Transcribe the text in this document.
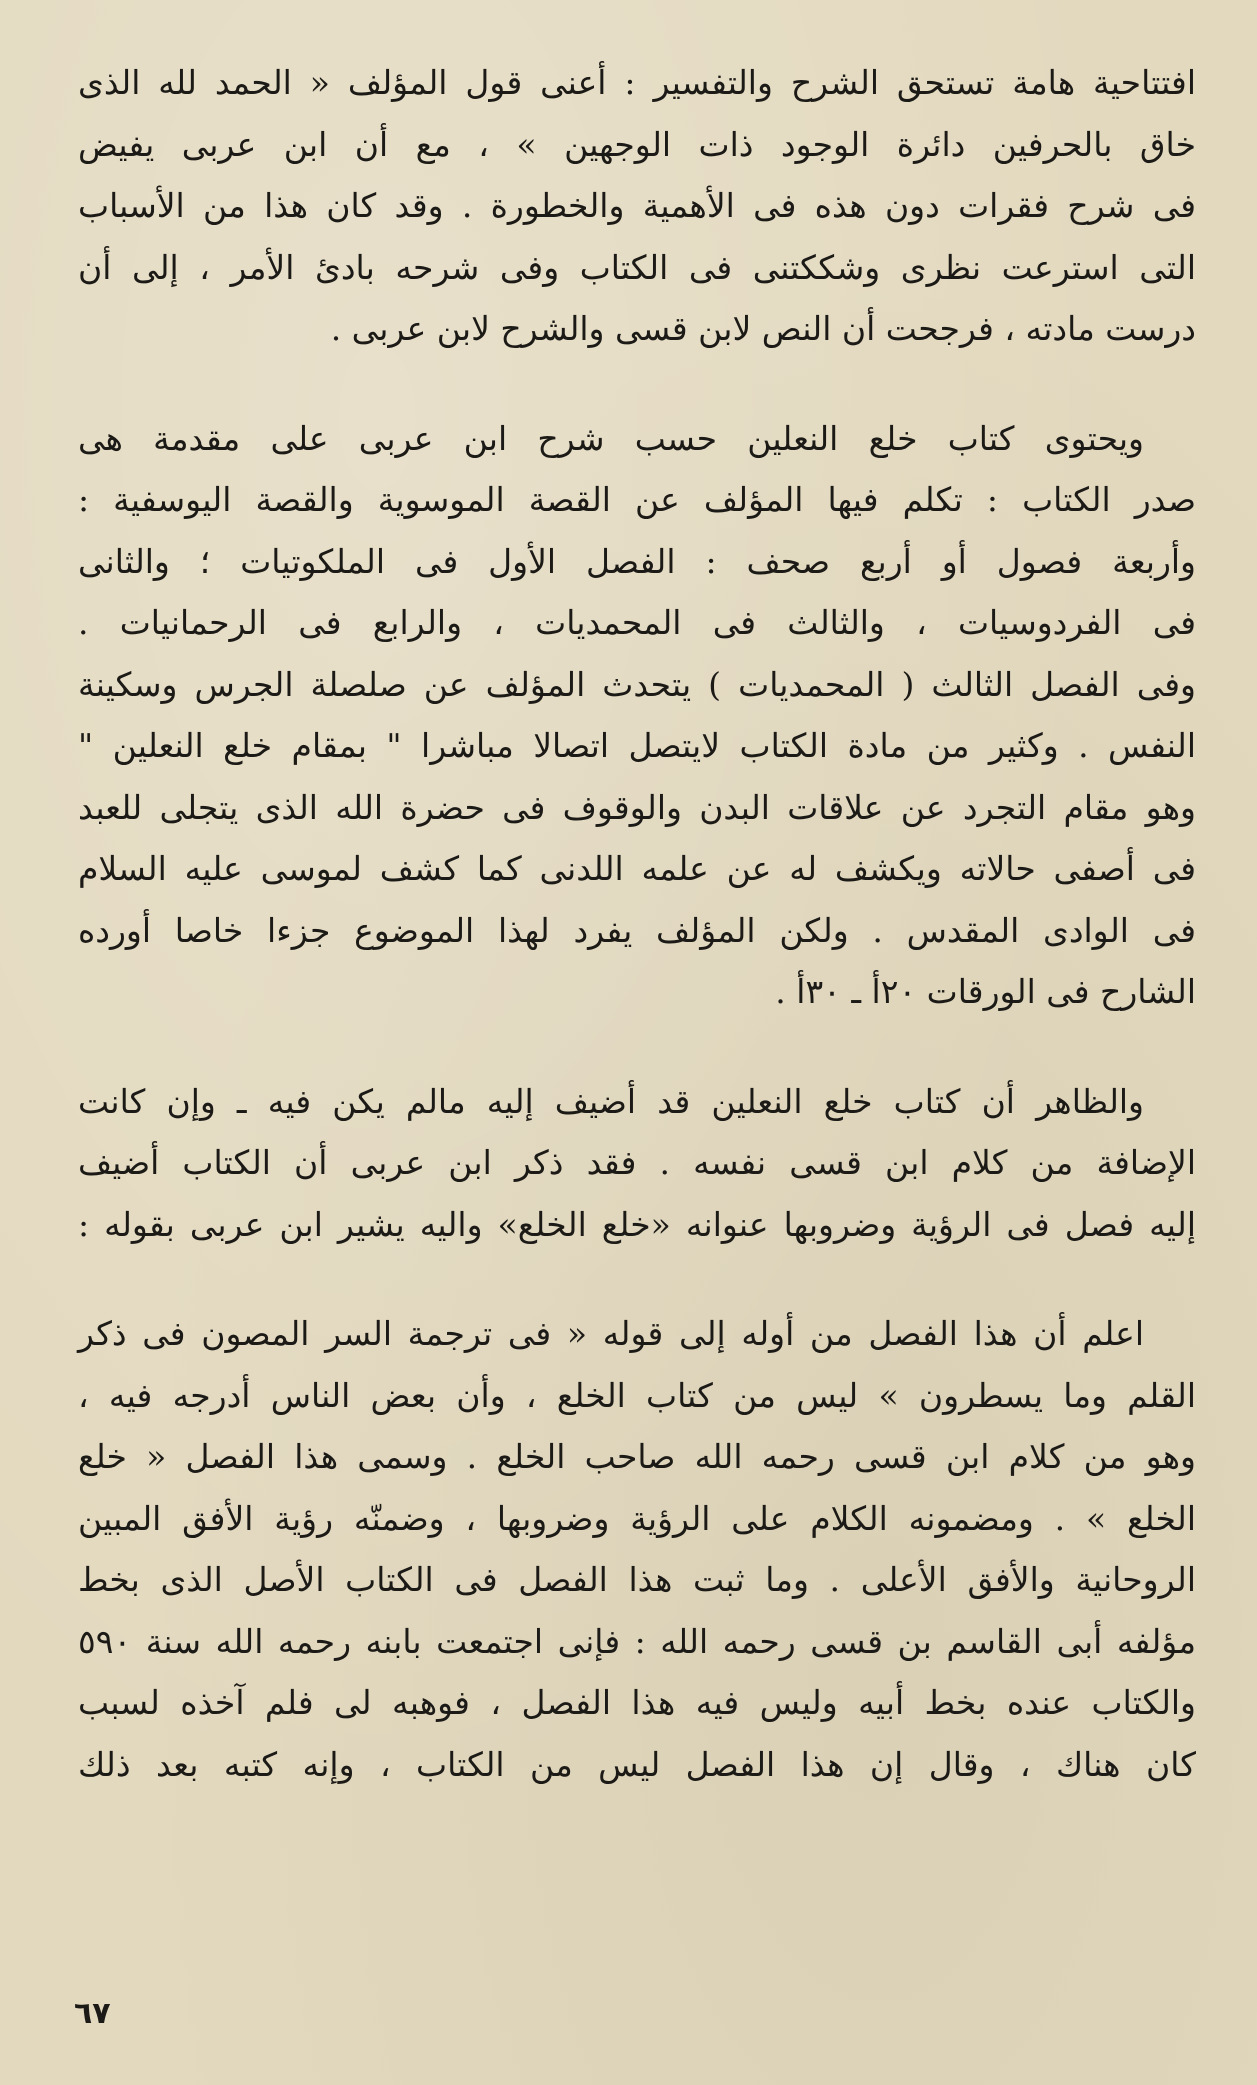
افتتاحية هامة تستحق الشرح والتفسير : أعنى قول المؤلف « الحمد لله الذى
خاق بالحرفين دائرة الوجود ذات الوجهين » ، مع أن ابن عربى يفيض
فى شرح فقرات دون هذه فى الأهمية والخطورة . وقد كان هذا من الأسباب
التى استرعت نظرى وشككتنى فى الكتاب وفى شرحه بادئ الأمر ، إلى أن
درست مادته ، فرجحت أن النص لابن قسى والشرح لابن عربى .
ويحتوى كتاب خلع النعلين حسب شرح ابن عربى على مقدمة هى
صدر الكتاب : تكلم فيها المؤلف عن القصة الموسوية والقصة اليوسفية :
وأربعة فصول أو أربع صحف : الفصل الأول فى الملكوتيات ؛ والثانى
فى الفردوسيات ، والثالث فى المحمديات ، والرابع فى الرحمانيات .
وفى الفصل الثالث ( المحمديات ) يتحدث المؤلف عن صلصلة الجرس وسكينة
النفس . وكثير من مادة الكتاب لايتصل اتصالا مباشرا " بمقام خلع النعلين "
وهو مقام التجرد عن علاقات البدن والوقوف فى حضرة الله الذى يتجلى للعبد
فى أصفى حالاته ويكشف له عن علمه اللدنى كما كشف لموسى عليه السلام
فى الوادى المقدس . ولكن المؤلف يفرد لهذا الموضوع جزءا خاصا أورده
الشارح فى الورقات ٢٠أ ـ ٣٠أ .
والظاهر أن كتاب خلع النعلين قد أضيف إليه مالم يكن فيه ـ وإن كانت
الإضافة من كلام ابن قسى نفسه . فقد ذكر ابن عربى أن الكتاب أضيف
إليه فصل فى الرؤية وضروبها عنوانه «خلع الخلع» واليه يشير ابن عربى بقوله :
اعلم أن هذا الفصل من أوله إلى قوله « فى ترجمة السر المصون فى ذكر
القلم وما يسطرون » ليس من كتاب الخلع ، وأن بعض الناس أدرجه فيه ،
وهو من كلام ابن قسى رحمه الله صاحب الخلع . وسمى هذا الفصل « خلع
الخلع » . ومضمونه الكلام على الرؤية وضروبها ، وضمنّه رؤية الأفق المبين
الروحانية والأفق الأعلى . وما ثبت هذا الفصل فى الكتاب الأصل الذى بخط
مؤلفه أبى القاسم بن قسى رحمه الله : فإنى اجتمعت بابنه رحمه الله سنة ٥٩٠
والكتاب عنده بخط أبيه وليس فيه هذا الفصل ، فوهبه لى فلم آخذه لسبب
كان هناك ، وقال إن هذا الفصل ليس من الكتاب ، وإنه كتبه بعد ذلك
٦٧
